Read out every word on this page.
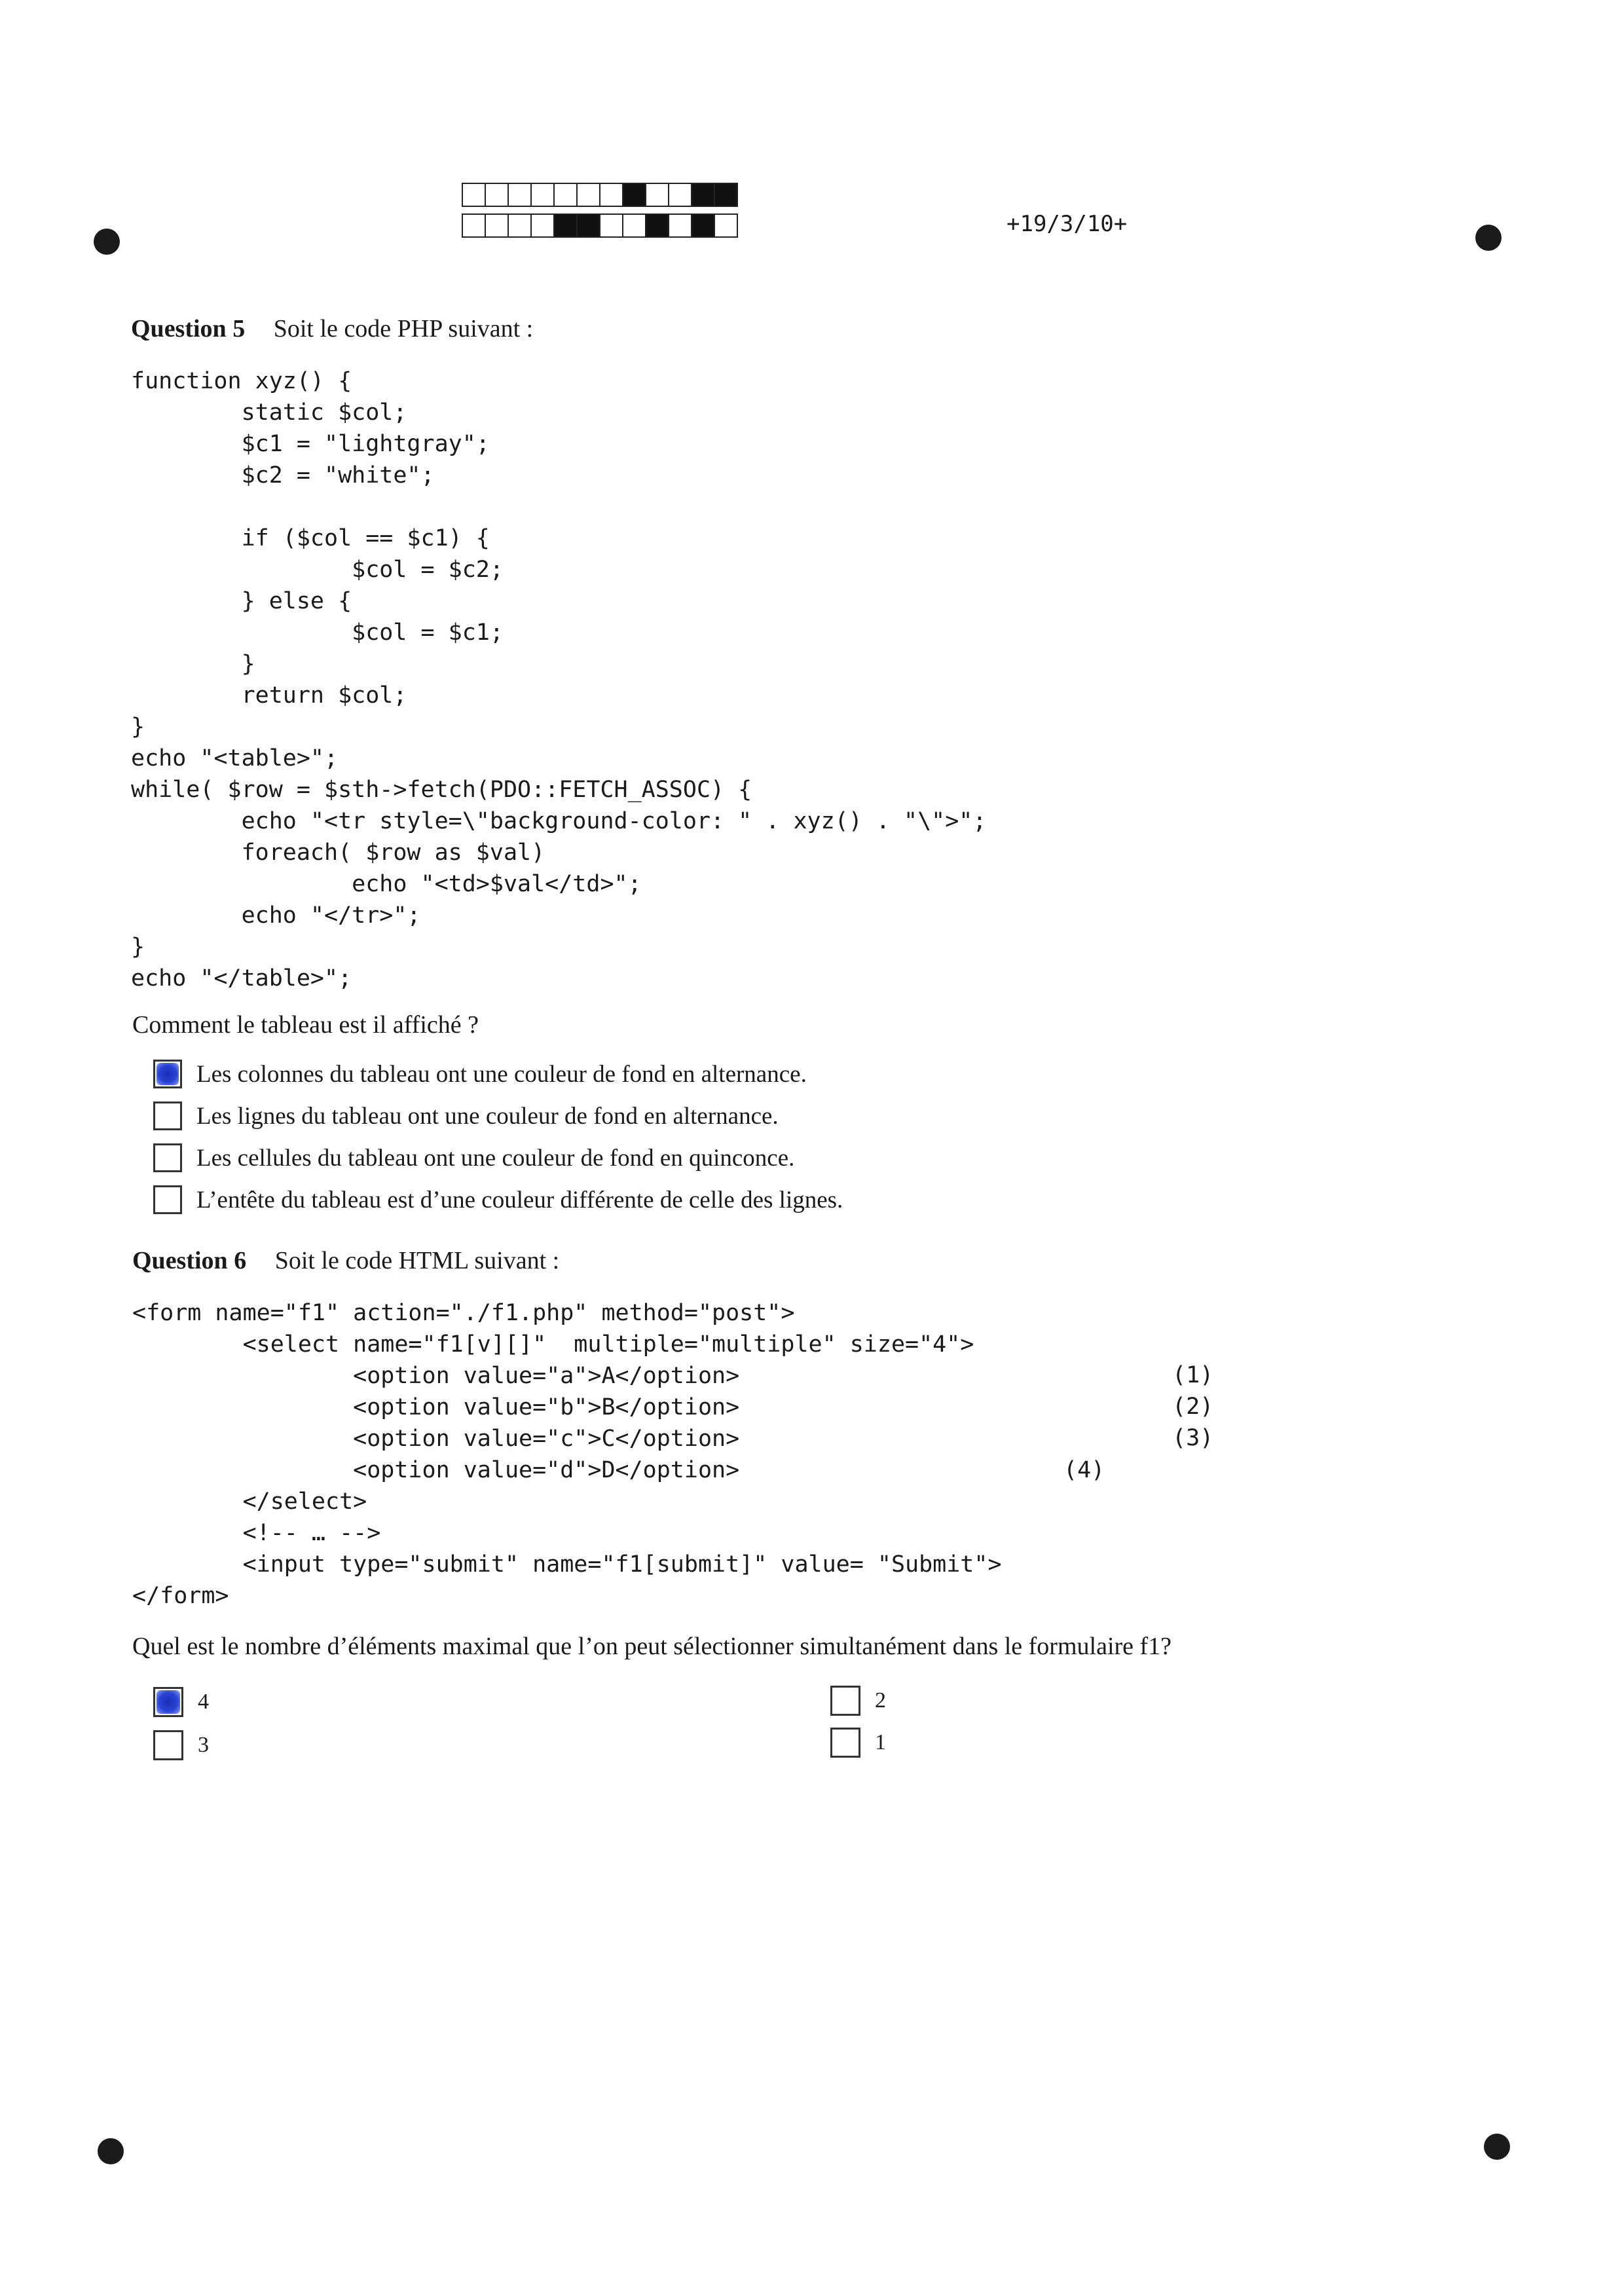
+19/3/10+
Question 5 Soit le code PHP suivant :
function xyz() {
static $col;
$c1 = "lightgray";
$c2 = "white";

if ($col == $c1) {
$col = $c2;
} else {
$col = $c1;
}
return $col;
}
echo "<table>";
while( $row = $sth->fetch(PDO::FETCH_ASSOC) {
echo "<tr style=\"background-color: " . xyz() . "\">";
foreach( $row as $val)
echo "<td>$val</td>";
echo "</tr>";
}
echo "</table>";
Comment le tableau est il affiché ?
Les colonnes du tableau ont une couleur de fond en alternance.
Les lignes du tableau ont une couleur de fond en alternance.
Les cellules du tableau ont une couleur de fond en quinconce.
L’entête du tableau est d’une couleur différente de celle des lignes.
Question 6 Soit le code HTML suivant :
<form name="f1" action="./f1.php" method="post">
<select name="f1[v][]"  multiple="multiple" size="4">
<option value="a">A</option>
<option value="b">B</option>
<option value="c">C</option>
<option value="d">D</option>
</select>
<!-- … -->
<input type="submit" name="f1[submit]" value= "Submit">
</form>
(1)
(2)
(3)
(4)
Quel est le nombre d’éléments maximal que l’on peut sélectionner simultanément dans le formulaire f1?
4
3
2
1
